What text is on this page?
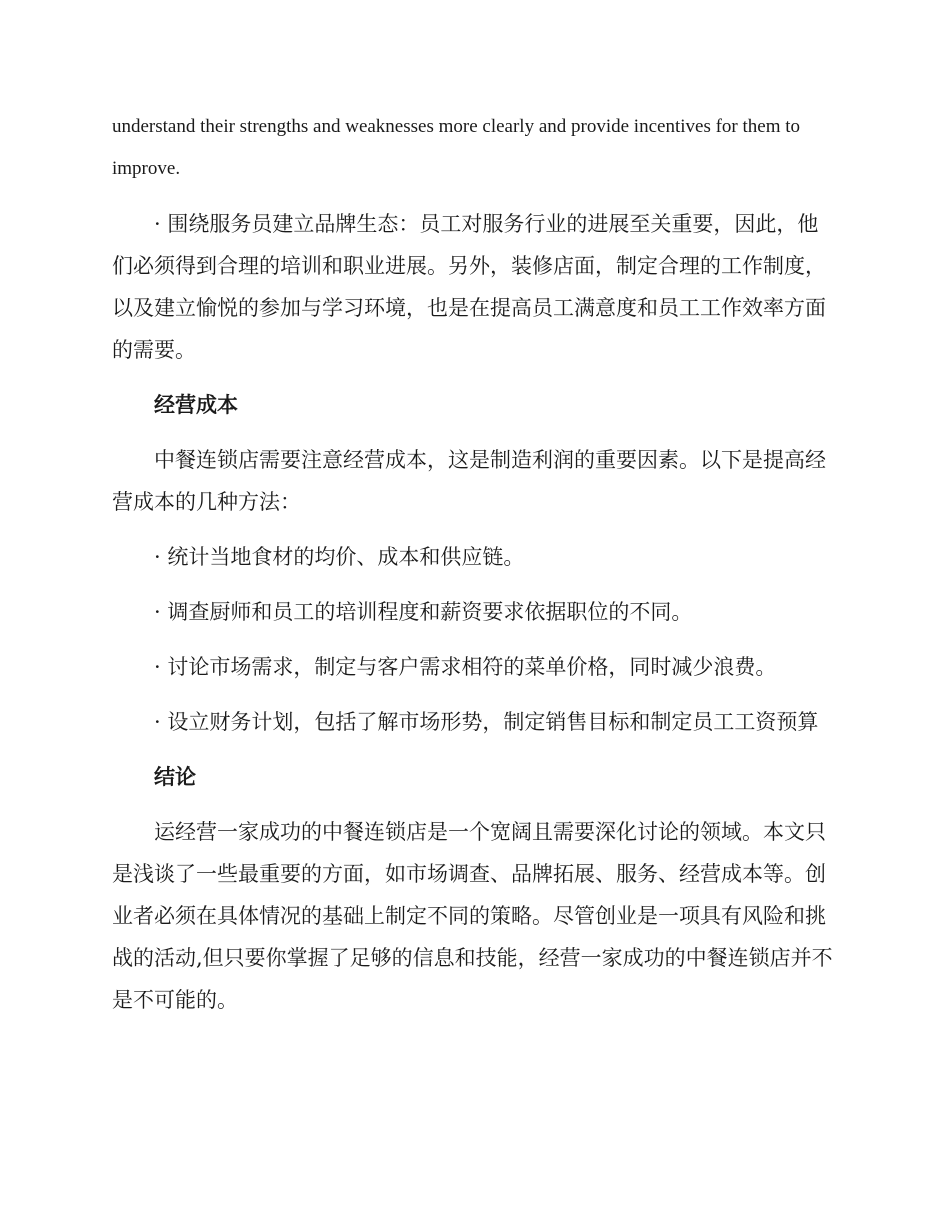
understand their strengths and weaknesses more clearly and provide incentives for them to improve.

· 围绕服务员建立品牌生态：员工对服务行业的进展至关重要，因此，他们必须得到合理的培训和职业进展。另外，装修店面，制定合理的工作制度，以及建立愉悦的参加与学习环境，也是在提高员工满意度和员工工作效率方面的需要。

经营成本

中餐连锁店需要注意经营成本，这是制造利润的重要因素。以下是提高经营成本的几种方法：

· 统计当地食材的均价、成本和供应链。

· 调查厨师和员工的培训程度和薪资要求依据职位的不同。

· 讨论市场需求，制定与客户需求相符的菜单价格，同时减少浪费。

· 设立财务计划，包括了解市场形势，制定销售目标和制定员工工资预算

结论

运经营一家成功的中餐连锁店是一个宽阔且需要深化讨论的领域。本文只是浅谈了一些最重要的方面，如市场调查、品牌拓展、服务、经营成本等。创业者必须在具体情况的基础上制定不同的策略。尽管创业是一项具有风险和挑战的活动,但只要你掌握了足够的信息和技能，经营一家成功的中餐连锁店并不是不可能的。
